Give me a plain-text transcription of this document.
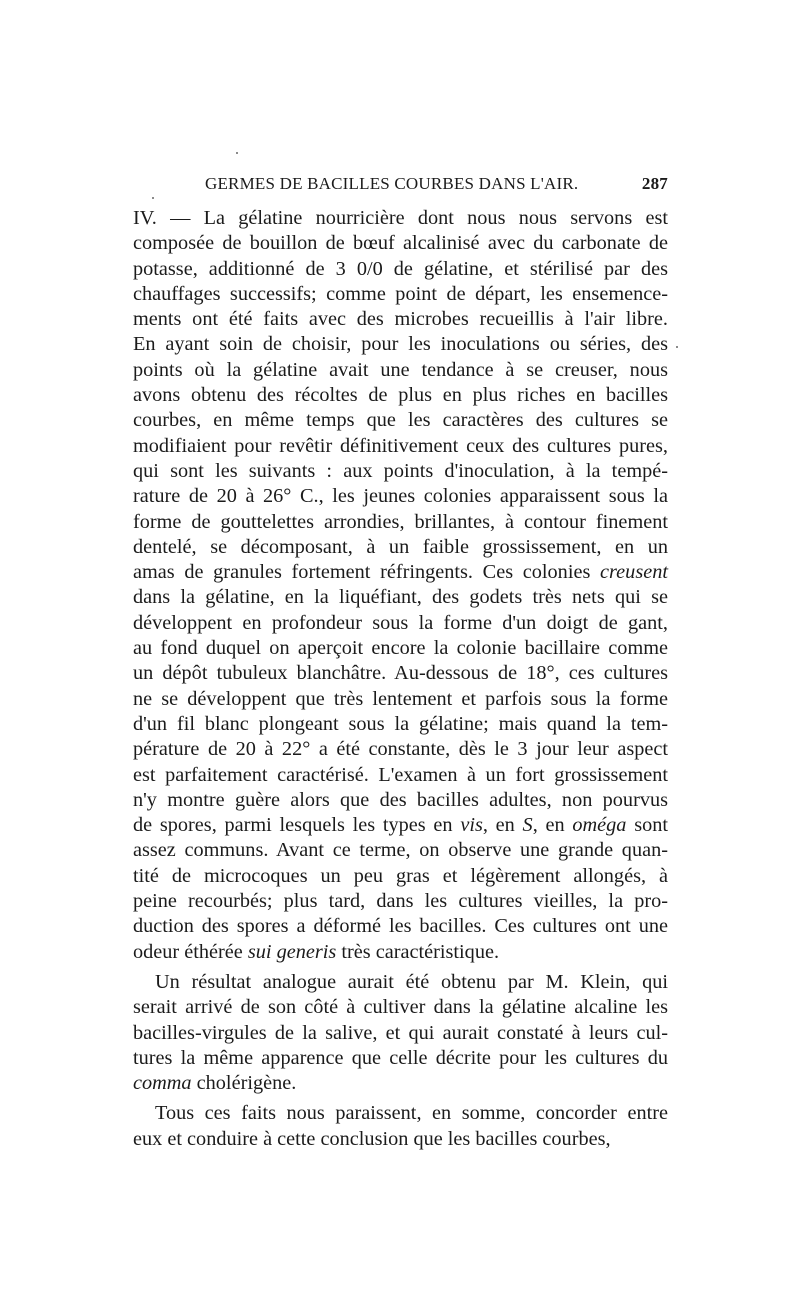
GERMES DE BACILLES COURBES DANS L'AIR.	287
IV. — La gélatine nourricière dont nous nous servons est
composée de bouillon de bœuf alcalinisé avec du carbonate de
potasse, additionné de 3 0/0 de gélatine, et stérilisé par des
chauffages successifs; comme point de départ, les ensemence-
ments ont été faits avec des microbes recueillis à l'air libre.
En ayant soin de choisir, pour les inoculations ou séries, des
points où la gélatine avait une tendance à se creuser, nous
avons obtenu des récoltes de plus en plus riches en bacilles
courbes, en même temps que les caractères des cultures se
modifiaient pour revêtir définitivement ceux des cultures pures,
qui sont les suivants : aux points d'inoculation, à la tempé-
rature de 20 à 26° C., les jeunes colonies apparaissent sous la
forme de gouttelettes arrondies, brillantes, à contour finement
dentelé, se décomposant, à un faible grossissement, en un
amas de granules fortement réfringents. Ces colonies creusent
dans la gélatine, en la liquéfiant, des godets très nets qui se
développent en profondeur sous la forme d'un doigt de gant,
au fond duquel on aperçoit encore la colonie bacillaire comme
un dépôt tubuleux blanchâtre. Au-dessous de 18°, ces cultures
ne se développent que très lentement et parfois sous la forme
d'un fil blanc plongeant sous la gélatine; mais quand la tem-
pérature de 20 à 22° a été constante, dès le 3 jour leur aspect
est parfaitement caractérisé. L'examen à un fort grossissement
n'y montre guère alors que des bacilles adultes, non pourvus
de spores, parmi lesquels les types en vis, en S, en oméga sont
assez communs. Avant ce terme, on observe une grande quan-
tité de microcoques un peu gras et légèrement allongés, à
peine recourbés; plus tard, dans les cultures vieilles, la pro-
duction des spores a déformé les bacilles. Ces cultures ont une
odeur éthérée sui generis très caractéristique.
Un résultat analogue aurait été obtenu par M. Klein, qui
serait arrivé de son côté à cultiver dans la gélatine alcaline les
bacilles-virgules de la salive, et qui aurait constaté à leurs cul-
tures la même apparence que celle décrite pour les cultures du
comma cholérigène.
Tous ces faits nous paraissent, en somme, concorder entre
eux et conduire à cette conclusion que les bacilles courbes,
